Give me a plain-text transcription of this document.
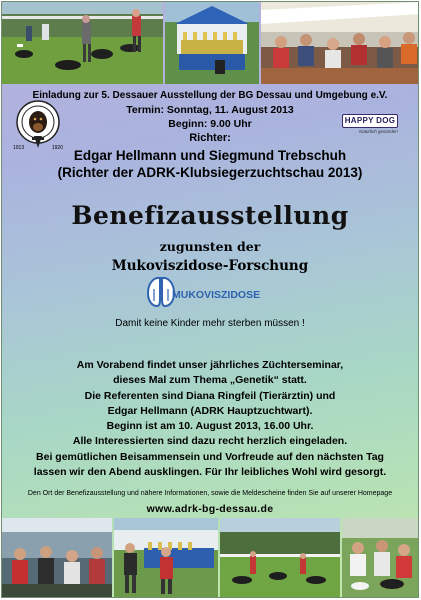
Einladung zur 5. Dessauer Ausstellung der BG Dessau und Umgebung e.V.
Termin: Sonntag, 11. August 2013
Beginn: 9.00 Uhr
Richter:
Edgar Hellmann und Siegmund Trebschuh
(Richter der ADRK-Klubsiegerzuchtschau 2013)
1913	1920
HAPPY DOG
Natürlich gesünder!
Benefizausstellung
zugunsten der
Mukoviszidose-Forschung
MUKOVISZIDOSE
Damit keine Kinder mehr sterben müssen !
Am Vorabend findet unser jährliches Züchterseminar,
dieses Mal zum Thema „Genetik“ statt.
Die Referenten sind Diana Ringfeil (Tierärztin) und
Edgar Hellmann (ADRK Hauptzuchtwart).
Beginn ist am 10. August 2013, 16.00 Uhr.
Alle Interessierten sind dazu recht herzlich eingeladen.
Bei gemütlichen Beisammensein und Vorfreude auf den nächsten Tag
lassen wir den Abend ausklingen. Für Ihr leibliches Wohl wird gesorgt.
Den Ort der Benefizausstellung und nähere Informationen, sowie die Meldescheine finden Sie auf unserer Homepage
www.adrk-bg-dessau.de
